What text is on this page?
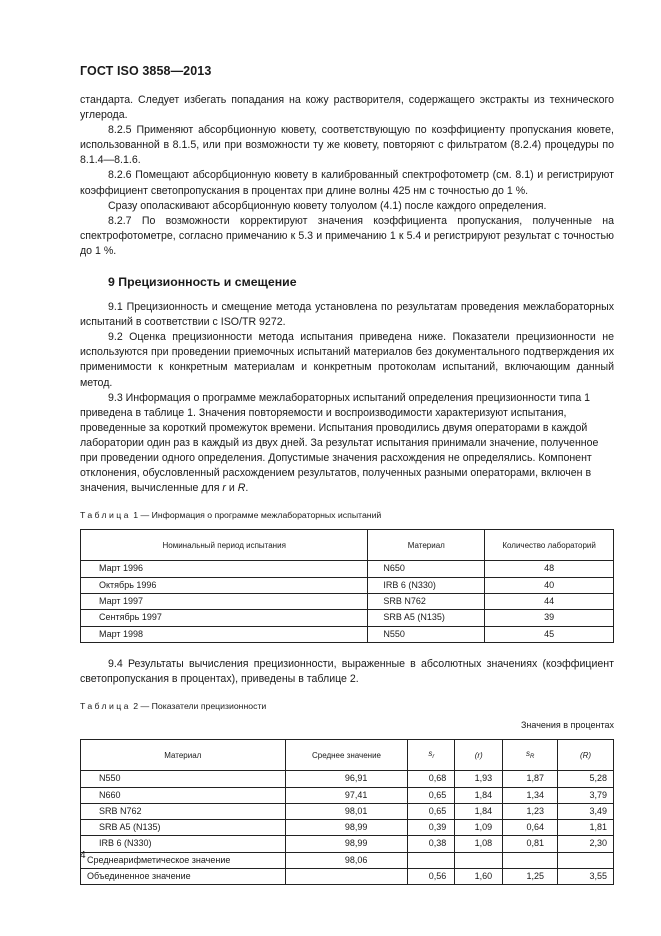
ГОСТ ISO 3858—2013

стандарта. Следует избегать попадания на кожу растворителя, содержащего экстракты из технического углерода.

8.2.5 Применяют абсорбционную кювету, соответствующую по коэффициенту пропускания кювете, использованной в 8.1.5, или при возможности ту же кювету, повторяют с фильтратом (8.2.4) процедуры по 8.1.4—8.1.6.

8.2.6 Помещают абсорбционную кювету в калиброванный спектрофотометр (см. 8.1) и регистрируют коэффициент светопропускания в процентах при длине волны 425 нм с точностью до 1 %.

Сразу ополаскивают абсорбционную кювету толуолом (4.1) после каждого определения.

8.2.7 По возможности корректируют значения коэффициента пропускания, полученные на спектрофотометре, согласно примечанию к 5.3 и примечанию 1 к 5.4 и регистрируют результат с точностью до 1 %.

9 Прецизионность и смещение

9.1 Прецизионность и смещение метода установлена по результатам проведения межлабораторных испытаний в соответствии с ISO/TR 9272.

9.2 Оценка прецизионности метода испытания приведена ниже. Показатели прецизионности не используются при проведении приемочных испытаний материалов без документального подтверждения их применимости к конкретным материалам и конкретным протоколам испытаний, включающим данный метод.

9.3 Информация о программе межлабораторных испытаний определения прецизионности типа 1 приведена в таблице 1. Значения повторяемости и воспроизводимости характеризуют испытания, проведенные за короткий промежуток времени. Испытания проводились двумя операторами в каждой лаборатории один раз в каждый из двух дней. За результат испытания принимали значение, полученное при проведении одного определения. Допустимые значения расхождения не определялись. Компонент отклонения, обусловленный расхождением результатов, полученных разными операторами, включен в значения, вычисленные для r и R.

Таблица 1 — Информация о программе межлабораторных испытаний
Номинальный период испытания	Материал	Количество лабораторий
Март 1996	N650	48
Октябрь 1996	IRB 6 (N330)	40
Март 1997	SRB N762	44
Сентябрь 1997	SRB A5 (N135)	39
Март 1998	N550	45

9.4 Результаты вычисления прецизионности, выраженные в абсолютных значениях (коэффициент светопропускания в процентах), приведены в таблице 2.

Таблица 2 — Показатели прецизионности
Значения в процентах
Материал	Среднее значение	$s_r$	(r)	$s_R$	(R)
N550	96,91	0,68	1,93	1,87	5,28
N660	97,41	0,65	1,84	1,34	3,79
SRB N762	98,01	0,65	1,84	1,23	3,49
SRB A5 (N135)	98,99	0,39	1,09	0,64	1,81
IRB 6 (N330)	98,99	0,38	1,08	0,81	2,30
Среднеарифметическое значение	98,06				
Объединенное значение		0,56	1,60	1,25	3,55
4
